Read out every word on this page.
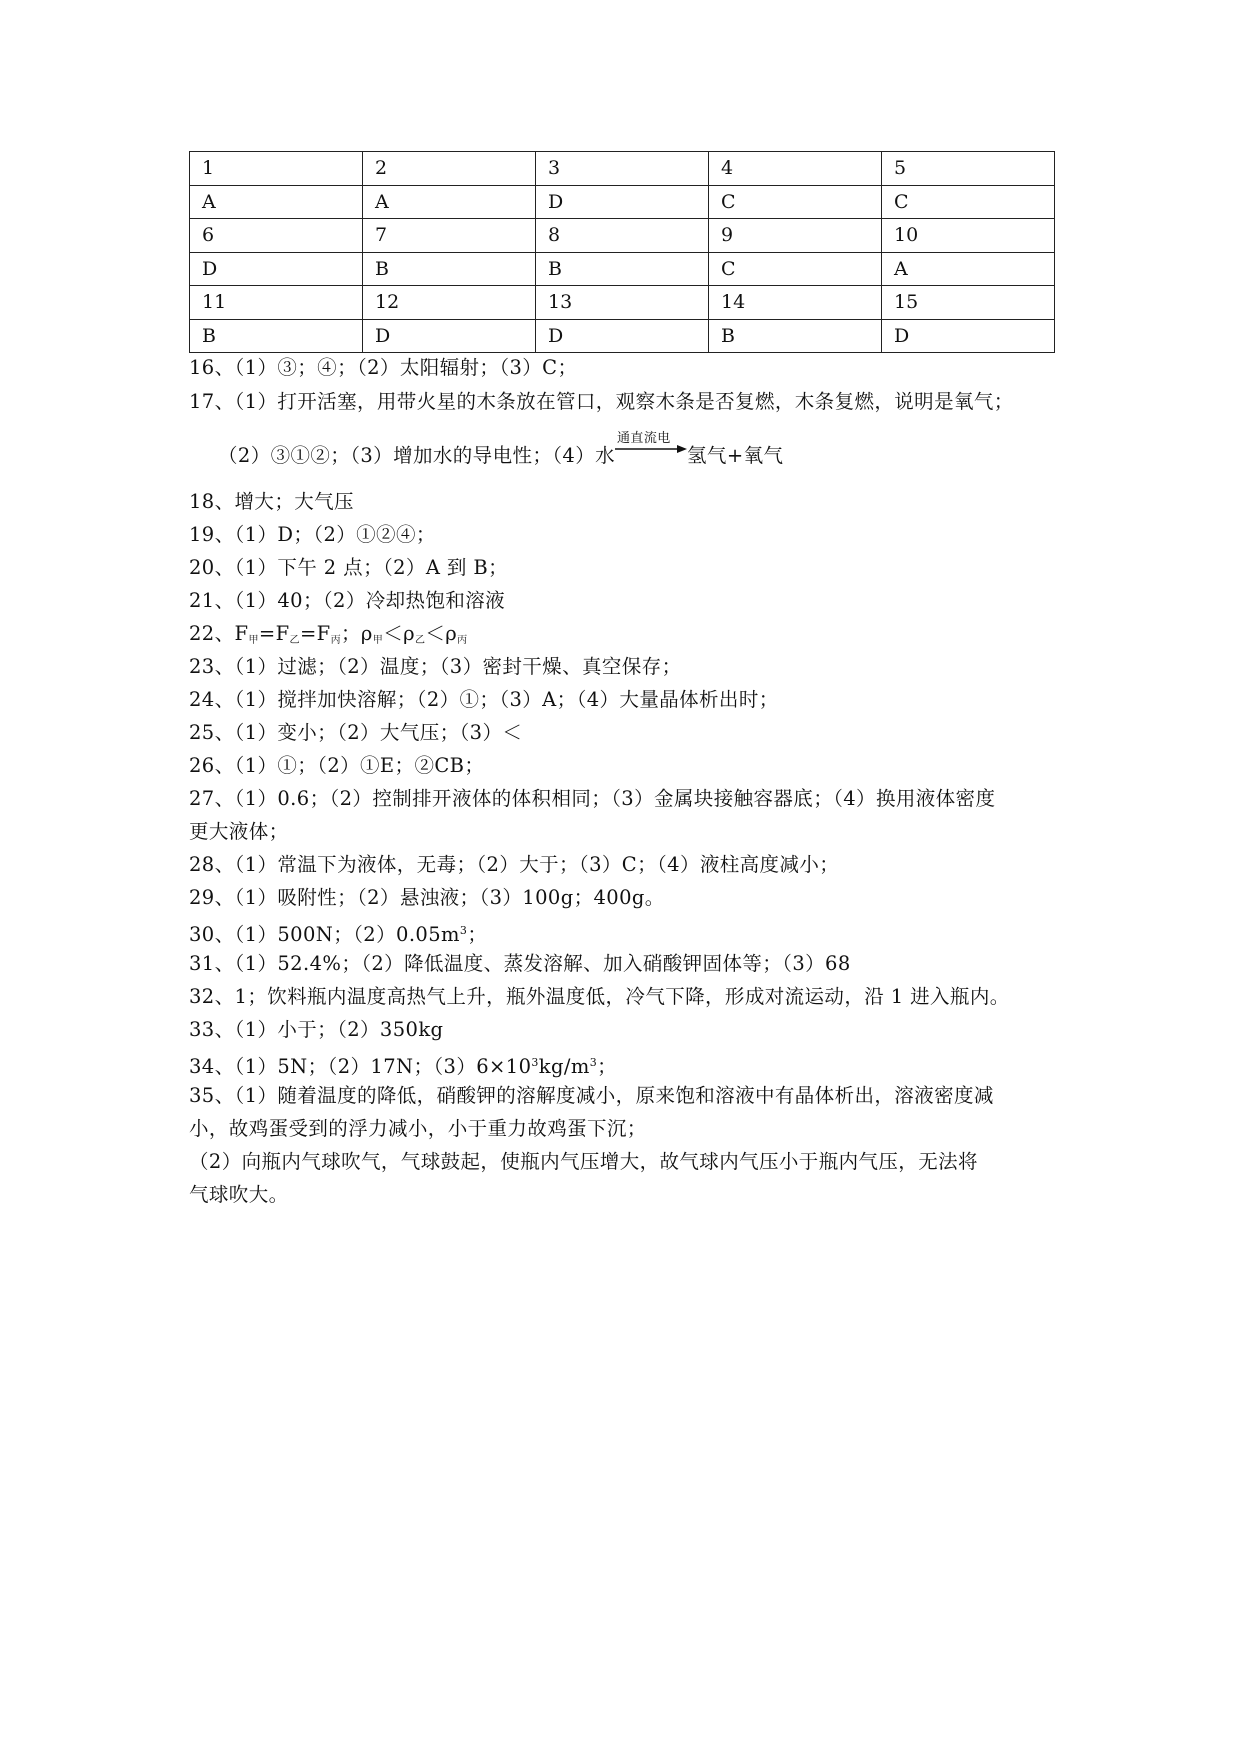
1	2	3	4	5
A	A	D	C	C
6	7	8	9	10
D	B	B	C	A
11	12	13	14	15
B	D	D	B	D
16、（1）③；④；（2）太阳辐射；（3）C；
17、（1）打开活塞，用带火星的木条放在管口，观察木条是否复燃，木条复燃，说明是氧气；
（2）③①②；（3）增加水的导电性；（4）水
通直流电
氢气+氧气
18、增大；大气压
19、（1）D；（2）①②④；
20、（1）下午 2 点；（2）A 到 B；
21、（1）40；（2）冷却热饱和溶液
22、$F_甲=F_乙=F_丙$；$\rho_甲<\rho_乙<\rho_丙$
23、（1）过滤；（2）温度；（3）密封干燥、真空保存；
24、（1）搅拌加快溶解；（2）①；（3）A；（4）大量晶体析出时；
25、（1）变小；（2）大气压；（3）＜
26、（1）①；（2）①E；②CB；
27、（1）0.6；（2）控制排开液体的体积相同；（3）金属块接触容器底；（4）换用液体密度
更大液体；
28、（1）常温下为液体，无毒；（2）大于；（3）C；（4）液柱高度减小；
29、（1）吸附性；（2）悬浊液；（3）100g；400g。
30、（1）500N；$(2)0.05m^3$；
31、（1）52.4%；（2）降低温度、蒸发溶解、加入硝酸钾固体等；（3）68
32、1；饮料瓶内温度高热气上升，瓶外温度低，冷气下降，形成对流运动，沿 1 进入瓶内。
33、（1）小于；（2）350kg
34、（1）5N；（2）17N；$(3)6\times 10^3kg/m^3$；
35、（1）随着温度的降低，硝酸钾的溶解度减小，原来饱和溶液中有晶体析出，溶液密度减
小，故鸡蛋受到的浮力减小，小于重力故鸡蛋下沉；
（2）向瓶内气球吹气，气球鼓起，使瓶内气压增大，故气球内气压小于瓶内气压，无法将
气球吹大。
